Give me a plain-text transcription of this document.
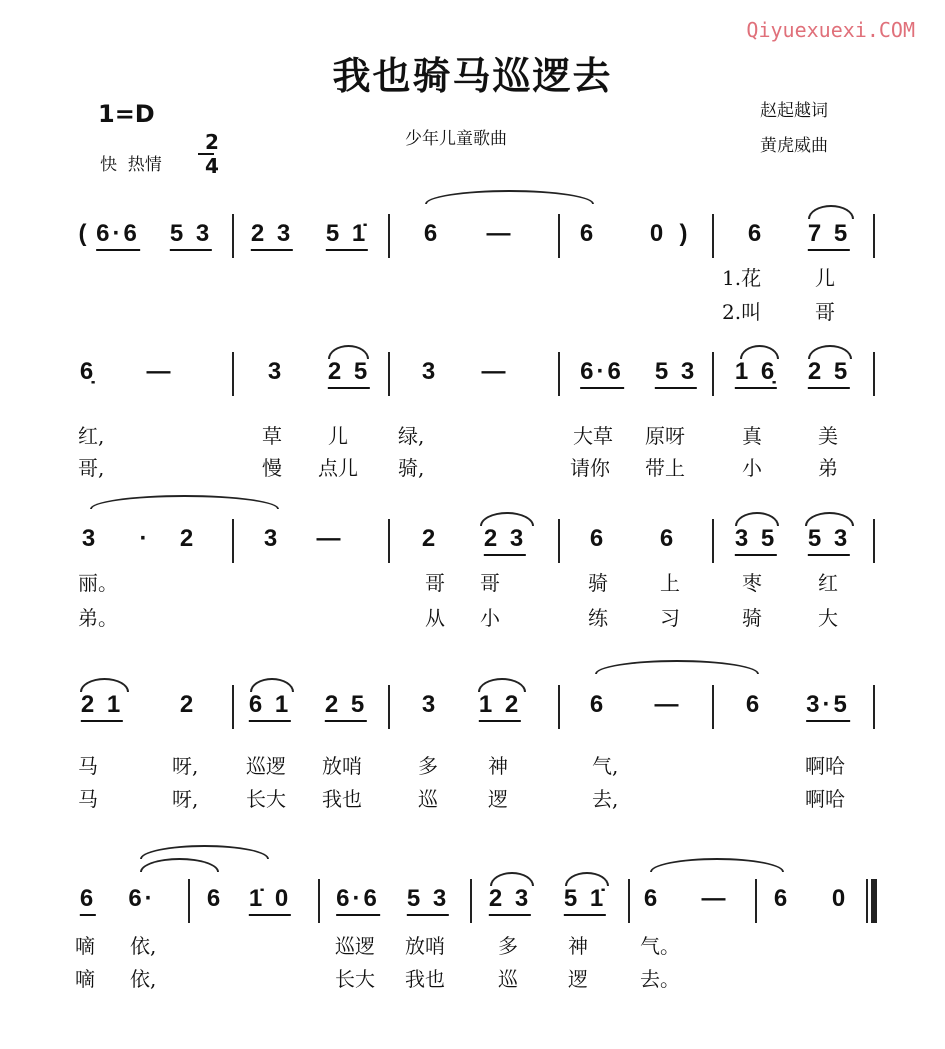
Qiyuexuexi.COM
我也骑马巡逻去
1=D

2
4

快  热情
少年儿童歌曲
赵起越词
黄虎威曲
( 6·6 5 3 2 3 5 1̇ 6 —	6 0 ) 6 7 5
1.花	儿
2.叫	哥
6̣ —	3 2 5 3 —	6·6 5 3 1 6̣ 2 5
红,	草 儿	绿,	大草 原呀	真	美
哥,	慢 点儿 骑,	请你 带上	小	弟
3 · 2	3 —	2 2 3	6 6 3 5 5 3
丽。	哥 哥	骑	上	枣	红
弟。	从 小	练	习	骑	大
2 1 2 6 1 2 5 3 1 2	6 —	6 3·5
马	呀, 巡逻 放哨	多	神	气,	啊哈
马	呀, 长大 我也	巡	逻	去,	啊哈
6 6· 6 1̇ 0 6·6 5 3 2 3 5 1̇ 6 — 6 0
嘀 依,	巡逻 放哨	多	神	气。
嘀 依,	长大 我也	巡	逻	去。
